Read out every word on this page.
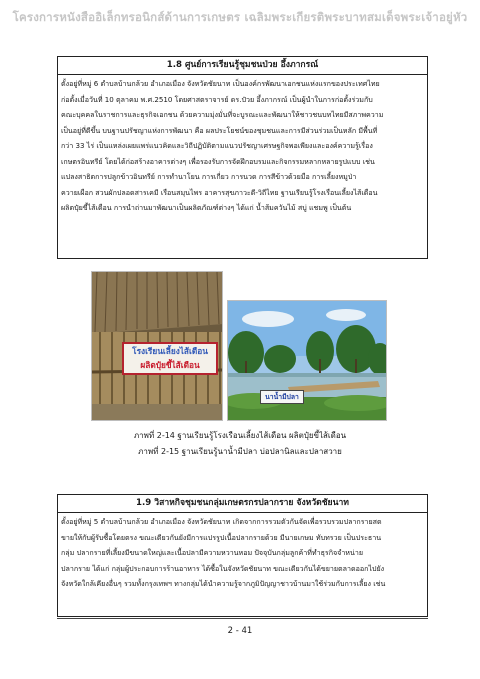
โครงการหนังสืออิเล็กทรอนิกส์ด้านการเกษตร เฉลิมพระเกียรติพระบาทสมเด็จพระเจ้าอยู่หัว
1.8 ศูนย์การเรียนรู้ชุมชนป่วย อึ้งภากรณ์
ตั้งอยู่ที่หมู่ 6 ตำบลบ้านกล้วย อำเภอเมือง จังหวัดชัยนาท เป็นองค์กรพัฒนาเอกชนแห่งแรกของประเทศไทย
ก่อตั้งเมื่อวันที่ 10 ตุลาคม พ.ศ.2510 โดยศาสตราจารย์ ดร.ป๋วย อึ้งภากรณ์ เป็นผู้นำในการก่อตั้งร่วมกับ
คณะบุคคลในราชการและธุรกิจเอกชน ด้วยความมุ่งมั่นที่จะบูรณะและพัฒนาให้ชาวชนบทไทยมีสภาพความ
เป็นอยู่ที่ดีขึ้น บนฐานปรัชญาแห่งการพัฒนา คือ ผลประโยชน์ของชุมชนและการมีส่วนร่วมเป็นหลัก มีพื้นที่
กว่า 33 ไร่ เป็นแหล่งเผยแพร่แนวคิดและวิถีปฏิบัติตามแนวปรัชญาเศรษฐกิจพอเพียงและองค์ความรู้เรื่อง
เกษตรอินทรีย์ โดยได้ก่อสร้างอาคารต่างๆ เพื่อรองรับการจัดฝึกอบรมและกิจกรรมหลากหลายรูปแบบ เช่น
แปลงสาธิตการปลูกข้าวอินทรีย์ การทำนาโยน การเกี่ยว การนวด การสีข้าวด้วยมือ การเลี้ยงหมูป่า
ควายเผือก สวนผักปลอดสารเคมี เรือนสมุนไพร อาคารสุขภาวะดี-วิถีไทย ฐานเรียนรู้โรงเรือนเลี้ยงไส้เดือน
ผลิตปุ๋ยขี้ไส้เดือน การนำถ่านมาพัฒนาเป็นผลิตภัณฑ์ต่างๆ ได้แก่ น้ำส้มควันไม้ สบู่ แชมพู เป็นต้น
โรงเรียนเลี้ยงไส้เดือน
ผลิตปุ๋ยขี้ไส้เดือน
นาน้ำมีปลา
ภาพที่ 2-14 ฐานเรียนรู้โรงเรือนเลี้ยงไส้เดือน ผลิตปุ๋ยขี้ไส้เดือน
ภาพที่ 2-15 ฐานเรียนรู้นาน้ำมีปลา บ่อปลานิลและปลาสวาย
1.9 วิสาหกิจชุมชนกลุ่มเกษตรกรปลากราย จังหวัดชัยนาท
ตั้งอยู่ที่หมู่ 5 ตำบลบ้านกล้วย อำเภอเมือง จังหวัดชัยนาท เกิดจากการรวมตัวกันจัดเพื่อรวบรวมปลากรายสด
ขายให้กับผู้รับซื้อโดยตรง ขณะเดียวกันยังมีการแปรรูปเนื้อปลากรายด้วย มีนายเกษม ทับทรวย เป็นประธาน
กลุ่ม ปลากรายที่เลี้ยงมีขนาดใหญ่และเนื้อปลามีความหวานหอม ปัจจุบันกลุ่มลูกค้าที่ทำธุรกิจจำหน่าย
ปลากราย ได้แก่ กลุ่มผู้ประกอบการร้านอาหาร ได้ซื้อในจังหวัดชัยนาท ขณะเดียวกันได้ขยายตลาดออกไปยัง
จังหวัดใกล้เคียงอื่นๆ รวมทั้งกรุงเทพฯ ทางกลุ่มได้นำความรู้จากภูมิปัญญาชาวบ้านมาใช้ร่วมกับการเลี้ยง เช่น
2 - 41
